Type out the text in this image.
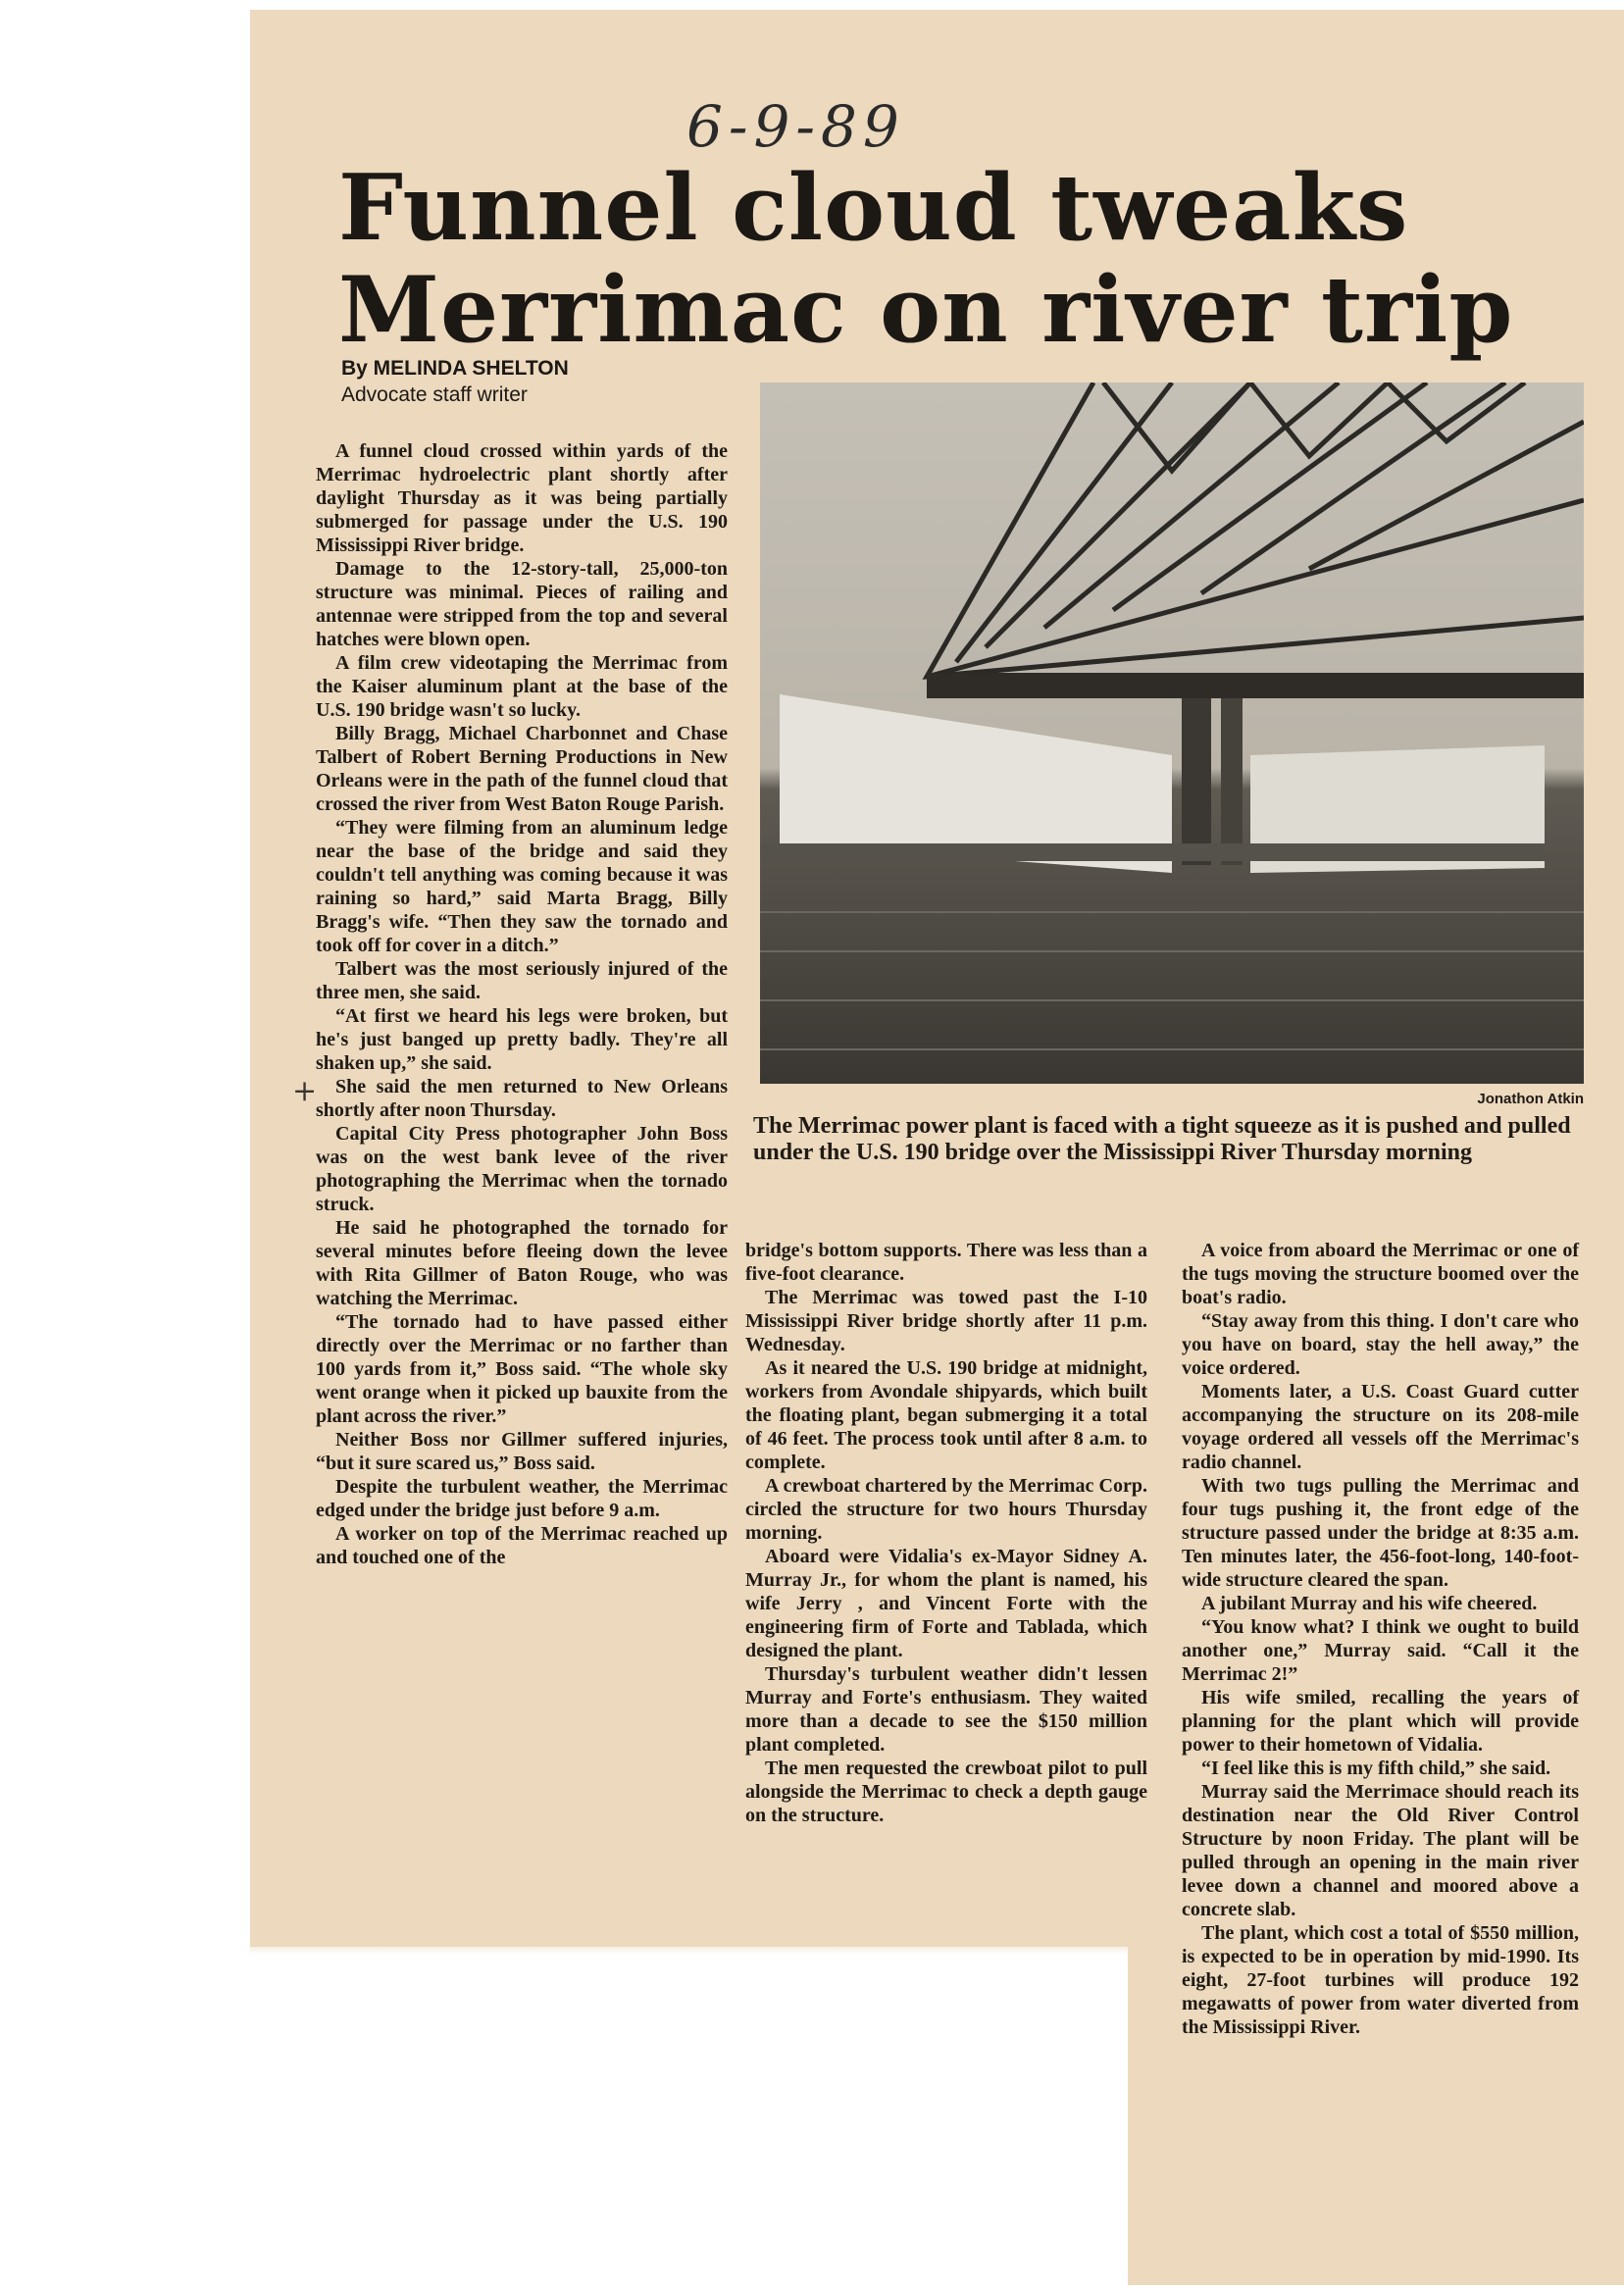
6-9-89
Funnel cloud tweaks Merrimac on river trip
By MELINDA SHELTON
Advocate staff writer

A funnel cloud crossed within yards of the Merrimac hydroelectric plant shortly after daylight Thursday as it was being partially submerged for passage under the U.S. 190 Mississippi River bridge.

Damage to the 12-story-tall, 25,000-ton structure was minimal. Pieces of railing and antennae were stripped from the top and several hatches were blown open.

A film crew videotaping the Merrimac from the Kaiser aluminum plant at the base of the U.S. 190 bridge wasn't so lucky.

Billy Bragg, Michael Charbonnet and Chase Talbert of Robert Berning Productions in New Orleans were in the path of the funnel cloud that crossed the river from West Baton Rouge Parish.

“They were filming from an aluminum ledge near the base of the bridge and said they couldn't tell anything was coming because it was raining so hard,” said Marta Bragg, Billy Bragg's wife. “Then they saw the tornado and took off for cover in a ditch.”

Talbert was the most seriously injured of the three men, she said.

“At first we heard his legs were broken, but he's just banged up pretty badly. They're all shaken up,” she said.

She said the men returned to New Orleans shortly after noon Thursday.

Capital City Press photographer John Boss was on the west bank levee of the river photographing the Merrimac when the tornado struck.

He said he photographed the tornado for several minutes before fleeing down the levee with Rita Gillmer of Baton Rouge, who was watching the Merrimac.

“The tornado had to have passed either directly over the Merrimac or no farther than 100 yards from it,” Boss said. “The whole sky went orange when it picked up bauxite from the plant across the river.”

Neither Boss nor Gillmer suffered injuries, “but it sure scared us,” Boss said.

Despite the turbulent weather, the Merrimac edged under the bridge just before 9 a.m.

A worker on top of the Merrimac reached up and touched one of the

Jonathon Atkin
The Merrimac power plant is faced with a tight squeeze as it is pushed and pulled under the U.S. 190 bridge over the Mississippi River Thursday morning
+

bridge's bottom supports. There was less than a five-foot clearance.

The Merrimac was towed past the I-10 Mississippi River bridge shortly after 11 p.m. Wednesday.

As it neared the U.S. 190 bridge at midnight, workers from Avondale shipyards, which built the floating plant, began submerging it a total of 46 feet. The process took until after 8 a.m. to complete.

A crewboat chartered by the Merrimac Corp. circled the structure for two hours Thursday morning.

Aboard were Vidalia's ex-Mayor Sidney A. Murray Jr., for whom the plant is named, his wife Jerry , and Vincent Forte with the engineering firm of Forte and Tablada, which designed the plant.

Thursday's turbulent weather didn't lessen Murray and Forte's enthusiasm. They waited more than a decade to see the $150 million plant completed.

The men requested the crewboat pilot to pull alongside the Merrimac to check a depth gauge on the structure.

A voice from aboard the Merrimac or one of the tugs moving the structure boomed over the boat's radio.

“Stay away from this thing. I don't care who you have on board, stay the hell away,” the voice ordered.

Moments later, a U.S. Coast Guard cutter accompanying the structure on its 208-mile voyage ordered all vessels off the Merrimac's radio channel.

With two tugs pulling the Merrimac and four tugs pushing it, the front edge of the structure passed under the bridge at 8:35 a.m. Ten minutes later, the 456-foot-long, 140-foot-wide structure cleared the span.

A jubilant Murray and his wife cheered.

“You know what? I think we ought to build another one,” Murray said. “Call it the Merrimac 2!”

His wife smiled, recalling the years of planning for the plant which will provide power to their hometown of Vidalia.

“I feel like this is my fifth child,” she said.

Murray said the Merrimace should reach its destination near the Old River Control Structure by noon Friday. The plant will be pulled through an opening in the main river levee down a channel and moored above a concrete slab.

The plant, which cost a total of $550 million, is expected to be in operation by mid-1990. Its eight, 27-foot turbines will produce 192 megawatts of power from water diverted from the Mississippi River.
